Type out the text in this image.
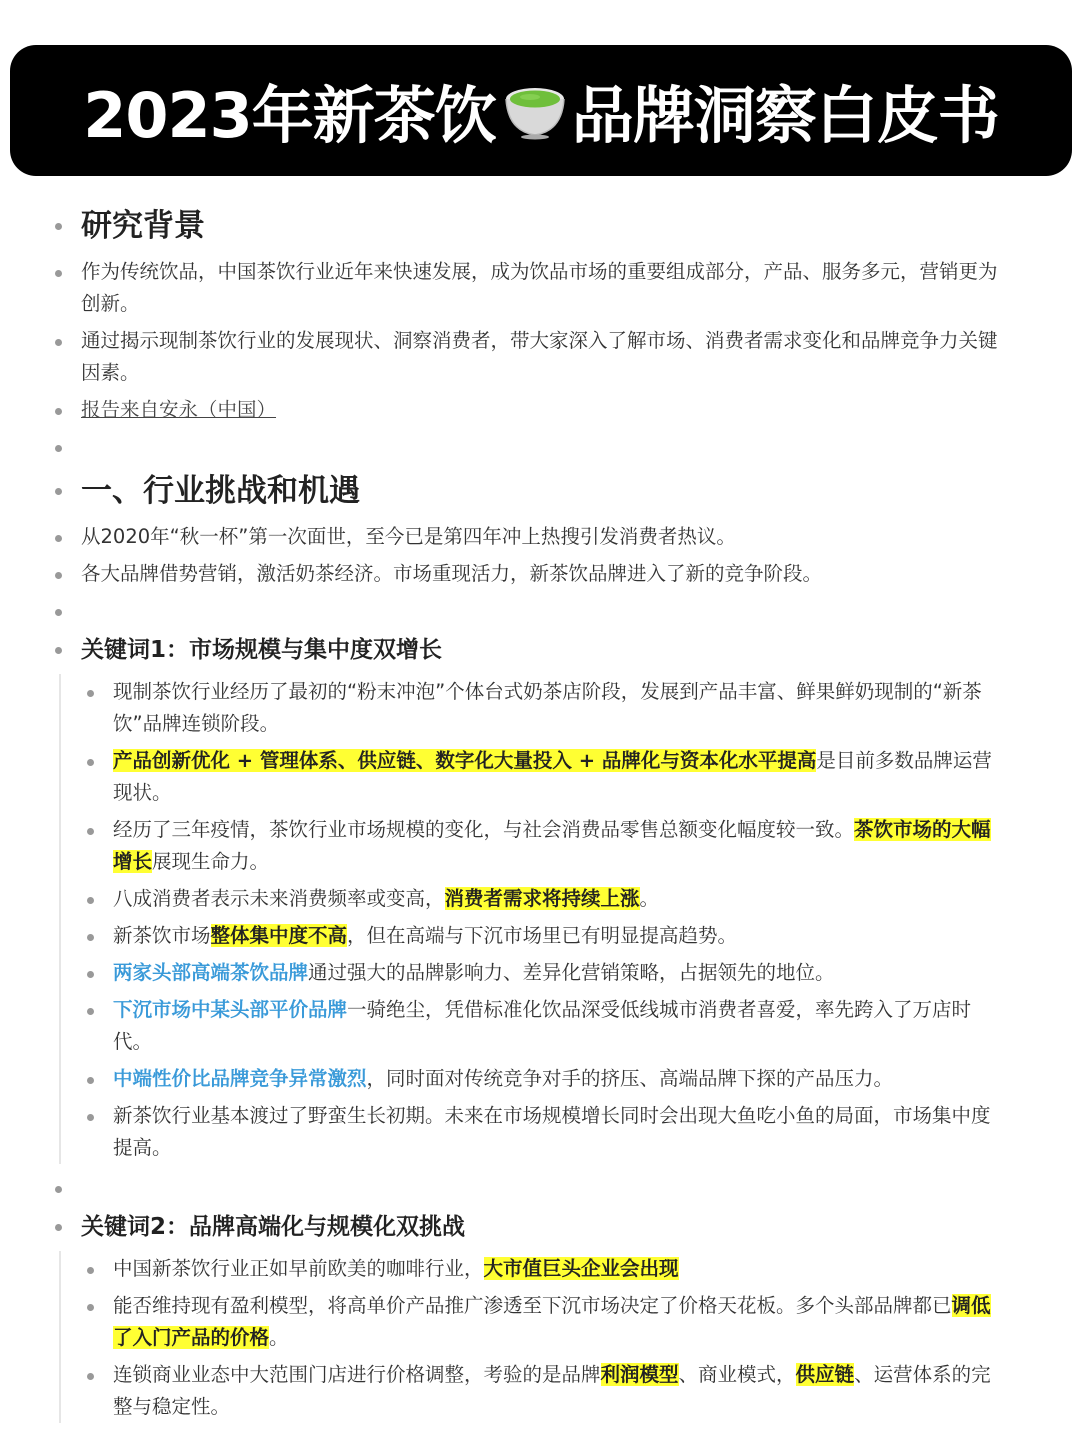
2023年新茶饮 品牌洞察白皮书
研究背景
作为传统饮品，中国茶饮行业近年来快速发展，成为饮品市场的重要组成部分，产品、服务多元，营销更为创新。
通过揭示现制茶饮行业的发展现状、洞察消费者，带大家深入了解市场、消费者需求变化和品牌竞争力关键因素。
报告来自安永（中国）
一、行业挑战和机遇
从2020年“秋一杯”第一次面世，至今已是第四年冲上热搜引发消费者热议。
各大品牌借势营销，激活奶茶经济。市场重现活力，新茶饮品牌进入了新的竞争阶段。
关键词1：市场规模与集中度双增长
现制茶饮行业经历了最初的“粉末冲泡”个体台式奶茶店阶段，发展到产品丰富、鲜果鲜奶现制的“新茶饮”品牌连锁阶段。
产品创新优化 + 管理体系、供应链、数字化大量投入 + 品牌化与资本化水平提高是目前多数品牌运营现状。
经历了三年疫情，茶饮行业市场规模的变化，与社会消费品零售总额变化幅度较一致。茶饮市场的大幅增长展现生命力。
八成消费者表示未来消费频率或变高，消费者需求将持续上涨。
新茶饮市场整体集中度不高，但在高端与下沉市场里已有明显提高趋势。
两家头部高端茶饮品牌通过强大的品牌影响力、差异化营销策略，占据领先的地位。
下沉市场中某头部平价品牌一骑绝尘，凭借标准化饮品深受低线城市消费者喜爱，率先跨入了万店时代。
中端性价比品牌竞争异常激烈，同时面对传统竞争对手的挤压、高端品牌下探的产品压力。
新茶饮行业基本渡过了野蛮生长初期。未来在市场规模增长同时会出现大鱼吃小鱼的局面，市场集中度提高。
关键词2：品牌高端化与规模化双挑战
中国新茶饮行业正如早前欧美的咖啡行业，大市值巨头企业会出现
能否维持现有盈利模型，将高单价产品推广渗透至下沉市场决定了价格天花板。多个头部品牌都已调低了入门产品的价格。
连锁商业业态中大范围门店进行价格调整，考验的是品牌利润模型、商业模式，供应链、运营体系的完整与稳定性。
